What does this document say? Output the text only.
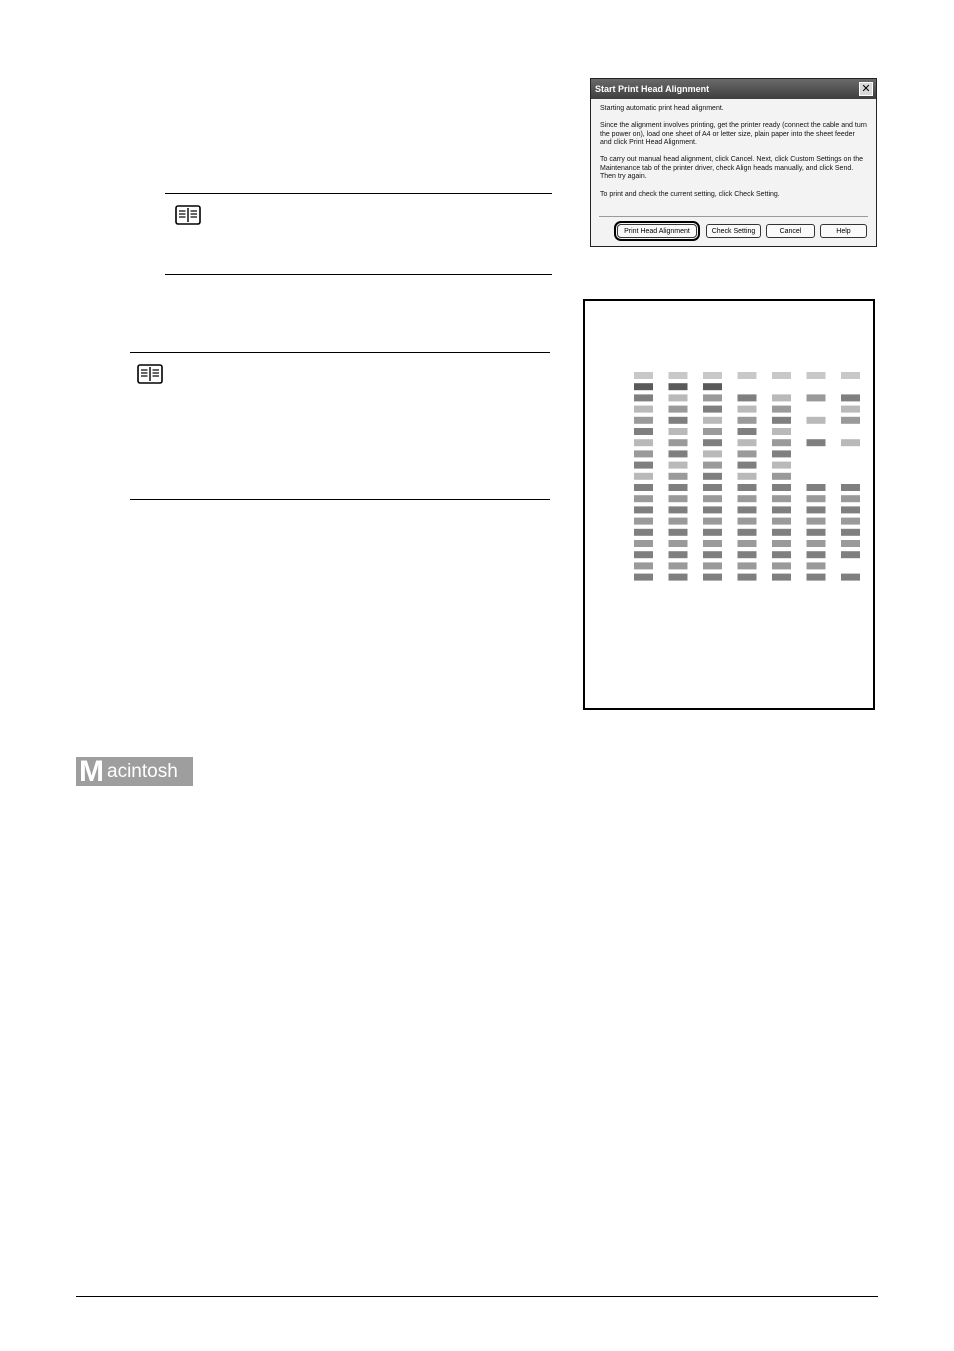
Start Print Head Alignment	✕
Starting automatic print head alignment.
Since the alignment involves printing, get the printer ready (connect the cable and turn the power on), load one sheet of A4 or letter size, plain paper into the sheet feeder and click Print Head Alignment.
To carry out manual head alignment, click Cancel. Next, click Custom Settings on the Maintenance tab of the printer driver, check Align heads manually, and click Send. Then try again.
To print and check the current setting, click Check Setting.
Print Head Alignment	Check Setting	Cancel	Help
M acintosh
